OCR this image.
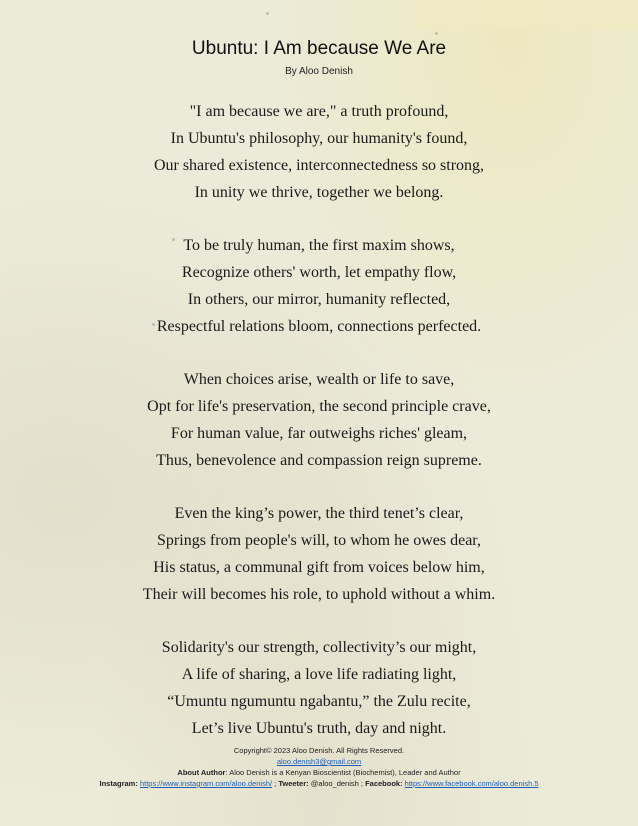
Ubuntu: I Am because We Are
By Aloo Denish
"I am because we are," a truth profound,
In Ubuntu's philosophy, our humanity's found,
Our shared existence, interconnectedness so strong,
In unity we thrive, together we belong.
To be truly human, the first maxim shows,
Recognize others' worth, let empathy flow,
In others, our mirror, humanity reflected,
Respectful relations bloom, connections perfected.
When choices arise, wealth or life to save,
Opt for life's preservation, the second principle crave,
For human value, far outweighs riches' gleam,
Thus, benevolence and compassion reign supreme.
Even the king’s power, the third tenet’s clear,
Springs from people's will, to whom he owes dear,
His status, a communal gift from voices below him,
Their will becomes his role, to uphold without a whim.
Solidarity's our strength, collectivity’s our might,
A life of sharing, a love life radiating light,
“Umuntu ngumuntu ngabantu,” the Zulu recite,
Let’s live Ubuntu's truth, day and night.
Copyright© 2023 Aloo Denish. All Rights Reserved.
aloo.denish3@gmail.com
About Author: Aloo Denish is a Kenyan Bioscientist (Biochemist), Leader and Author
Instagram: https://www.instagram.com/aloo.denish/ ; Tweeter: @aloo_denish ; Facebook: https://www.facebook.com/aloo.denish.5
